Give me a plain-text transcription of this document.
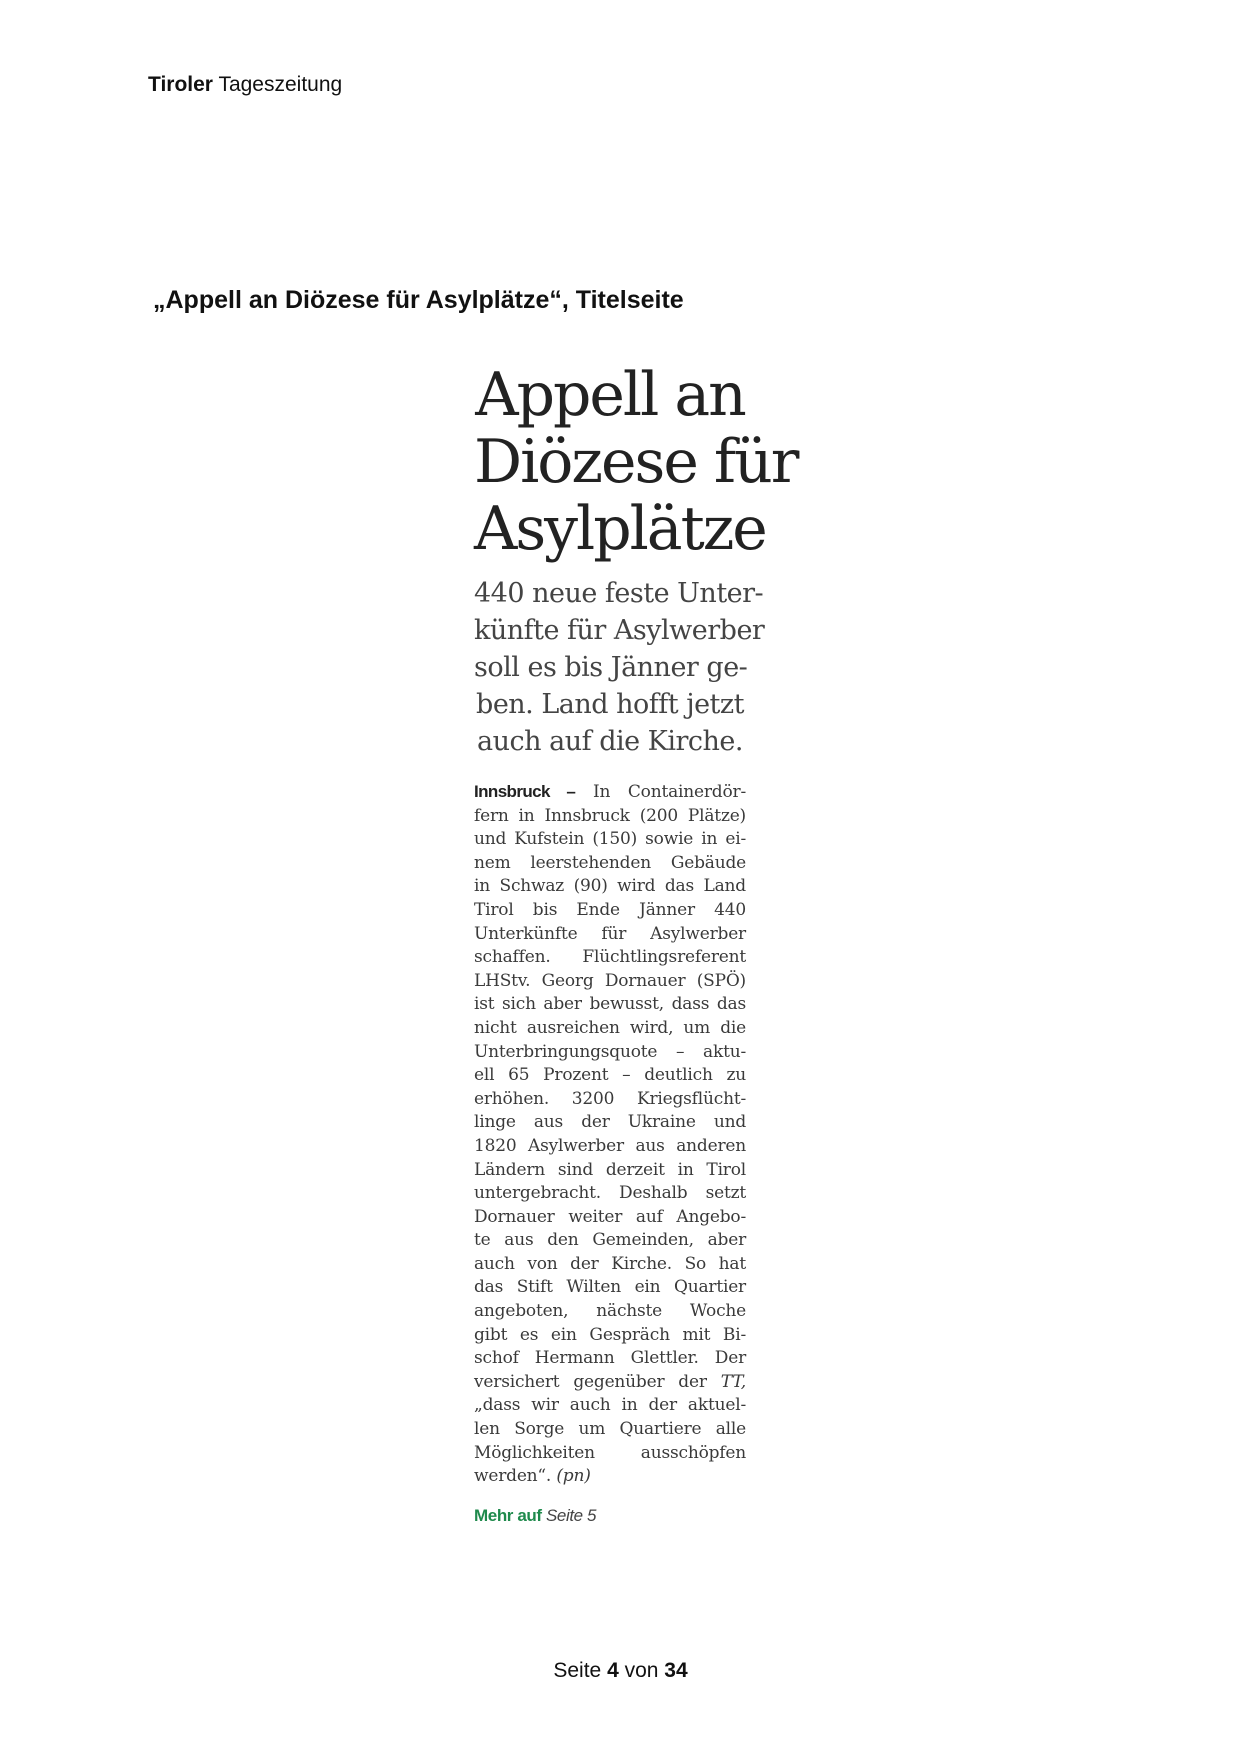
Tiroler Tageszeitung
„Appell an Diözese für Asylplätze“, Titelseite
Appell an
Diözese für
Asylplätze
440 neue feste Unter-
künfte für Asylwerber
soll es bis Jänner ge-
ben. Land hofft jetzt
auch auf die Kirche.
Innsbruck – In Containerdör-
fern in Innsbruck (200 Plätze)
und Kufstein (150) sowie in ei-
nem leerstehenden Gebäude
in Schwaz (90) wird das Land
Tirol bis Ende Jänner 440
Unterkünfte für Asylwerber
schaffen. Flüchtlingsreferent
LHStv. Georg Dornauer (SPÖ)
ist sich aber bewusst, dass das
nicht ausreichen wird, um die
Unterbringungsquote – aktu-
ell 65 Prozent – deutlich zu
erhöhen. 3200 Kriegsflücht-
linge aus der Ukraine und
1820 Asylwerber aus anderen
Ländern sind derzeit in Tirol
untergebracht. Deshalb setzt
Dornauer weiter auf Angebo-
te aus den Gemeinden, aber
auch von der Kirche. So hat
das Stift Wilten ein Quartier
angeboten, nächste Woche
gibt es ein Gespräch mit Bi-
schof Hermann Glettler. Der
versichert gegenüber der TT,
„dass wir auch in der aktuel-
len Sorge um Quartiere alle
Möglichkeiten ausschöpfen
werden“. (pn)
Mehr auf Seite 5
Seite 4 von 34
